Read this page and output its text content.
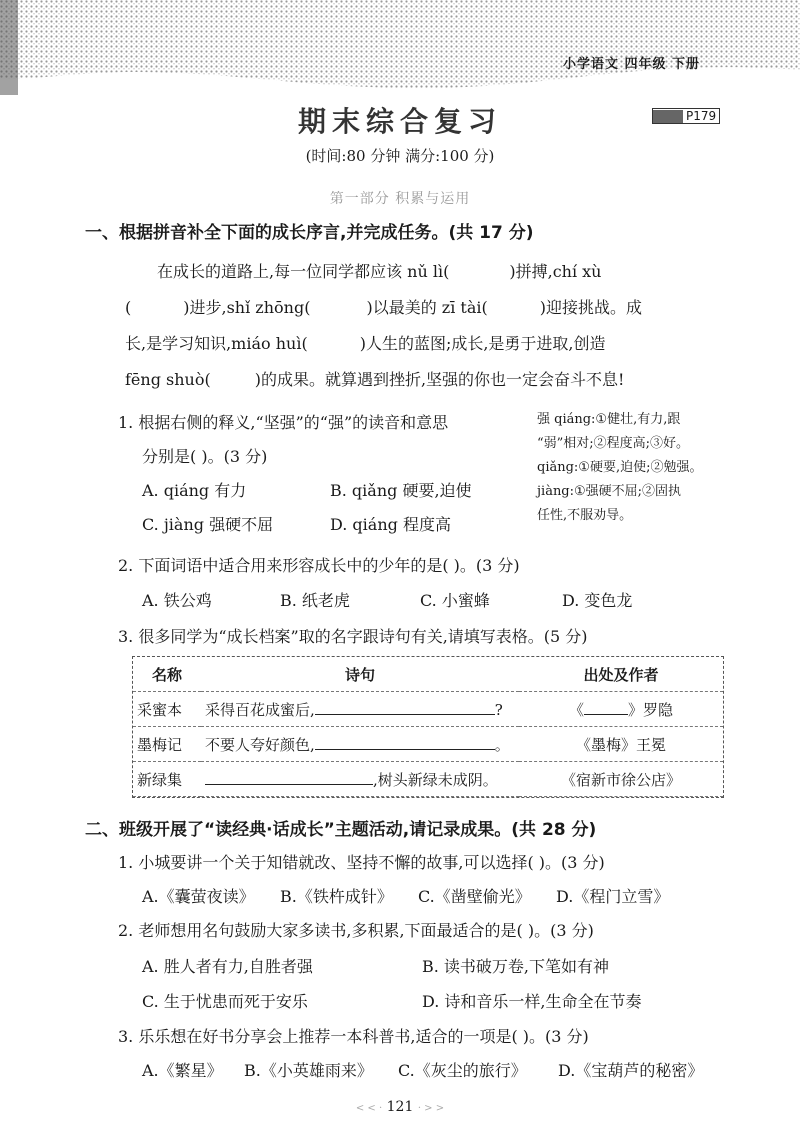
小学语文 四年级 下册
期末综合复习	P179
(时间:80 分钟 满分:100 分)
第一部分 积累与运用
一、根据拼音补全下面的成长序言,并完成任务。(共 17 分)
在成长的道路上,每一位同学都应该 nǔ lì(	)拼搏,chí xù
(	)进步,shǐ zhōng(	)以最美的 zī tài(	)迎接挑战。成
长,是学习知识,miáo huì(	)人生的蓝图;成长,是勇于进取,创造
fēng shuò(	)的成果。就算遇到挫折,坚强的你也一定会奋斗不息!
1. 根据右侧的释义,“坚强”的“强”的读音和意思
分别是( )。(3 分)
A. qiáng 有力	B. qiǎng 硬要,迫使
C. jiàng 强硬不屈	D. qiáng 程度高
强 qiáng:①健壮,有力,跟
“弱”相对;②程度高;③好。
qiǎng:①硬要,迫使;②勉强。
jiàng:①强硬不屈;②固执
任性,不服劝导。
2. 下面词语中适合用来形容成长中的少年的是( )。(3 分)
A. 铁公鸡	B. 纸老虎	C. 小蜜蜂	D. 变色龙
3. 很多同学为“成长档案”取的名字跟诗句有关,请填写表格。(5 分)
名称	诗句	出处及作者
采蜜本	采得百花成蜜后, ?	《 》罗隐
墨梅记	不要人夸好颜色, 。	《墨梅》王冕
新绿集	,树头新绿未成阴。	《宿新市徐公店》
二、班级开展了“读经典·话成长”主题活动,请记录成果。(共 28 分)
1. 小城要讲一个关于知错就改、坚持不懈的故事,可以选择( )。(3 分)
A.《囊萤夜读》 B.《铁杵成针》 C.《凿壁偷光》 D.《程门立雪》
2. 老师想用名句鼓励大家多读书,多积累,下面最适合的是( )。(3 分)
A. 胜人者有力,自胜者强	B. 读书破万卷,下笔如有神
C. 生于忧患而死于安乐	D. 诗和音乐一样,生命全在节奏
3. 乐乐想在好书分享会上推荐一本科普书,适合的一项是( )。(3 分)
A.《繁星》 B.《小英雄雨来》 C.《灰尘的旅行》 D.《宝葫芦的秘密》
< < · 121 · > >
